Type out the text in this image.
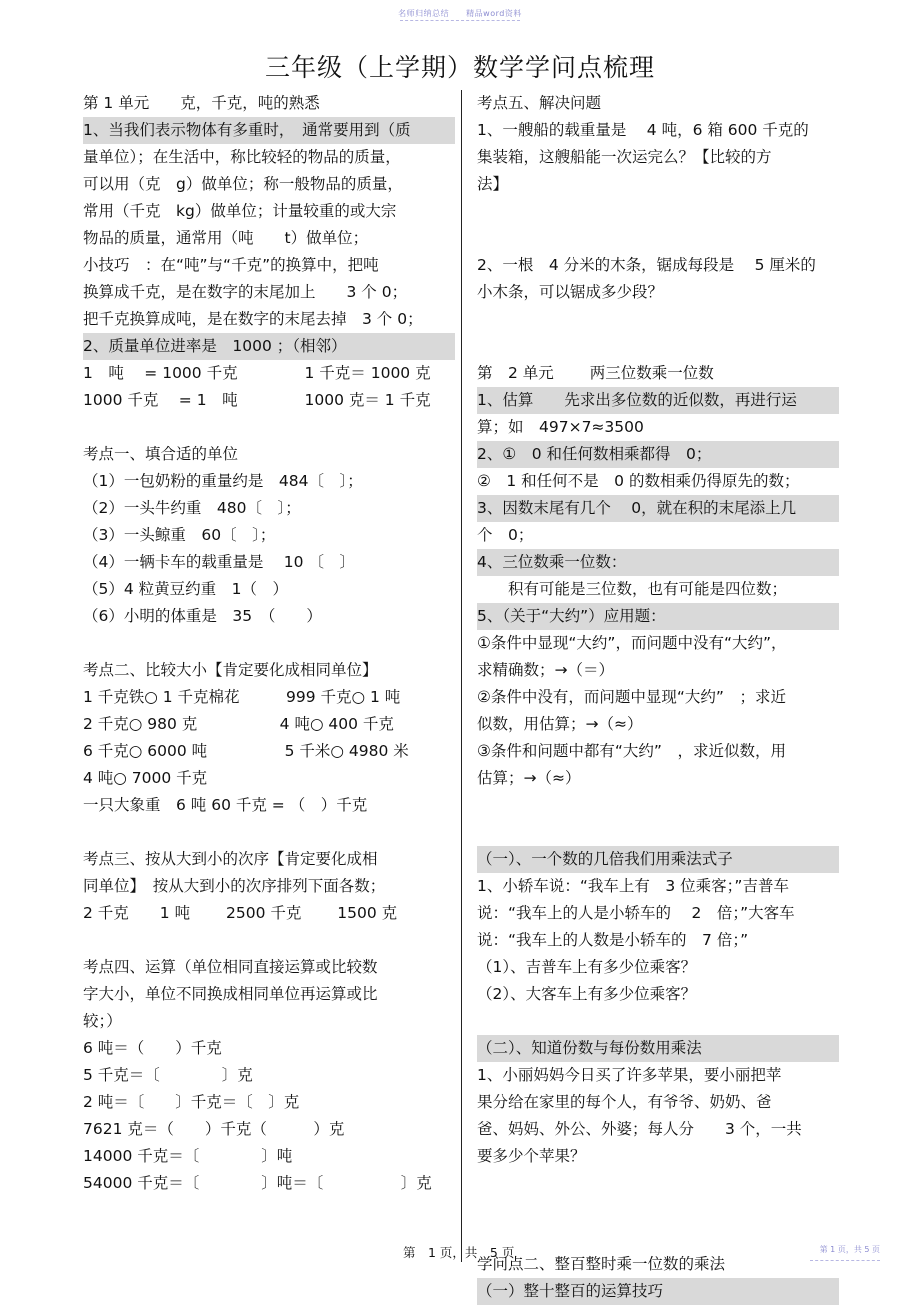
名师归纳总结　　精品word资料
三年级（上学期）数学学问点梳理
第 1 单元　　克，千克，吨的熟悉
1、当我们表示物体有多重时，　通常要用到（质
量单位）；在生活中，称比较轻的物品的质量，
可以用（克　g）做单位；称一般物品的质量，
常用（千克　kg）做单位；计量较重的或大宗
物品的质量，通常用（吨　　t）做单位；
小技巧　：在“吨”与“千克”的换算中，把吨
换算成千克，是在数字的末尾加上　　3 个 0；
把千克换算成吨，是在数字的末尾去掉　3 个 0；
2、质量单位进率是　1000 ；（相邻）
1　吨　 = 1000 千克　　　 　1 千克＝ 1000 克
1000 千克　 = 1　吨　　　 　1000 克＝ 1 千克
考点一、填合适的单位
（1）一包奶粉的重量约是　484〔　〕；
（2）一头牛约重　480〔　〕；
（3）一头鲸重　60〔　〕；
（4）一辆卡车的载重量是　 10 〔　〕
（5）4 粒黄豆约重　1（　）
（6）小明的体重是　35　（　　）
考点二、比较大小【肯定要化成相同单位】
1 千克铁○ 1 千克棉花　　　999 千克○ 1 吨
2 千克○ 980 克　　　　　 4 吨○ 400 千克
6 千克○ 6000 吨　　　　　5 千米○ 4980 米
4 吨○ 7000 千克
一只大象重　6 吨 60 千克 = （　）千克
考点三、按从大到小的次序【肯定要化成相
同单位】　按从大到小的次序排列下面各数；
2 千克　　1 吨　　 2500 千克　　 1500 克
考点四、运算（单位相同直接运算或比较数
字大小，单位不同换成相同单位再运算或比
较；）
6 吨＝（　　）千克
5 千克＝〔　　　　〕克
2 吨＝〔　　〕千克＝〔　〕克
7621 克＝（　　）千克（　　　）克
14000 千克＝〔　　　　〕吨
54000 千克＝〔　　　　〕吨＝〔　　　　　〕克
考点五、解决问题
1、一艘船的载重量是　 4 吨，6 箱 600 千克的
集装箱，这艘船能一次运完么？【比较的方
法】
2、一根　4 分米的木条，锯成每段是　 5 厘米的
小木条，可以锯成多少段？
第　2 单元　　 两三位数乘一位数
1、估算　　先求出多位数的近似数，再进行运
算；如　497×7≈3500
2、①　0 和任何数相乘都得　0；
②　1 和任何不是　0 的数相乘仍得原先的数；
3、因数末尾有几个　 0，就在积的末尾添上几
个　0；
4、三位数乘一位数：
　　积有可能是三位数，也有可能是四位数；
5、（关于“大约”）应用题：
①条件中显现“大约”，而问题中没有“大约”，
求精确数；→（＝）
②条件中没有，而问题中显现“大约”　；求近
似数，用估算；→（≈）
③条件和问题中都有“大约”　，求近似数，用
估算；→（≈）
（一）、一个数的几倍我们用乘法式子
1、小轿车说：“我车上有　3 位乘客；”吉普车
说：“我车上的人是小轿车的　 2　倍；”大客车
说：“我车上的人数是小轿车的　7 倍；”
（1）、吉普车上有多少位乘客？
（2）、大客车上有多少位乘客？
（二）、知道份数与每份数用乘法
1、小丽妈妈今日买了许多苹果，要小丽把苹
果分给在家里的每个人，有爷爷、奶奶、爸
爸、妈妈、外公、外婆；每人分　　3 个，一共
要多少个苹果？
学问点二、整百整时乘一位数的乘法
（一）整十整百的运算技巧
第　1 页，共　5 页	第 1 页，共 5 页
